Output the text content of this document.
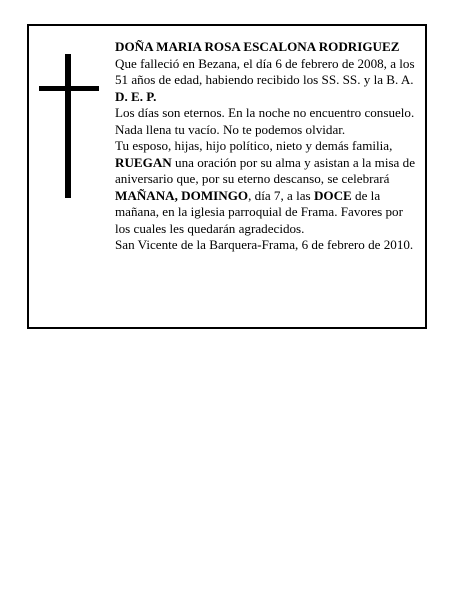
DOÑA MARIA ROSA ESCALONA RODRIGUEZ

Que falleció en Bezana, el día 6 de febrero de 2008, a los 51 años de edad, habiendo recibido los SS. SS. y la B. A.

D. E. P.

Los días son eternos. En la noche no encuentro consuelo.

Nada llena tu vacío. No te podemos olvidar.

Tu esposo, hijas, hijo político, nieto y demás familia, RUEGAN una oración por su alma y asistan a la misa de aniversario que, por su eterno descanso, se celebrará MAÑANA, DOMINGO, día 7, a las DOCE de la mañana, en la iglesia parroquial de Frama. Favores por los cuales les quedarán agradecidos.

San Vicente de la Barquera-Frama, 6 de febrero de 2010.
